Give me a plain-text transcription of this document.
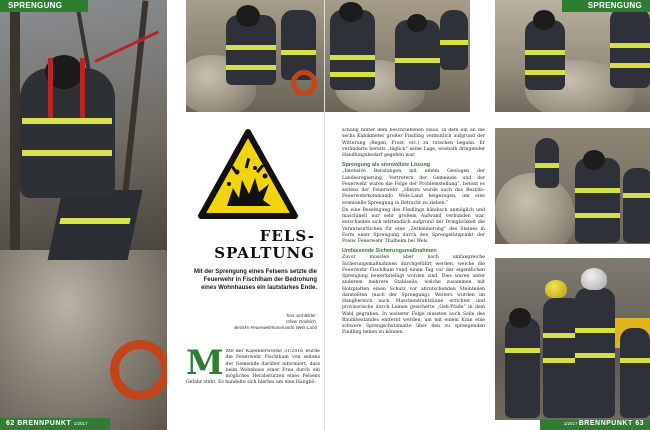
SPRENGUNG
FELS-
SPALTUNG
Mit der Sprengung eines Felsens setzte die Feuerwehr in Fischlham der Bedrohung eines Wohnhauses ein lautstarkes Ende.
Text und Bilder:
Oliver Dorfeich,
Bezirks-Feuerwehrkommando Wels-Land
M itte der Kalenderwoche 31/2016 wurde die Feuerwehr Fischlham von seitens der Gemeinde darüber informiert, dass beim Wohnhaus einer Frau durch ein mögliches Herabstürzen eines Felsens Gefahr steht. Es handelte sich hierbei um eine Hangbö-
62 BRENNPUNKT 1/2017
SPRENGUNG

schung hinter dem beschriebenen Haus, in dem ein an die sechs Kubikmeter großer Findling vermutlich aufgrund der Witterung (Regen, Frost, etc.) zu rutschen begann. Er veränderte bereits „täglich“ seine Lage, weshalb dringender Handlungsbedarf gegeben war.

Sprengung als sinnvollste Lösung

„Intensive Beratungen mit einem Geologen der Landesregierung, Vertretern der Gemeinde und der Feuerwehr waren die Folge der Problemstellung“, betont es seitens der Feuerwehr. „Hierzu wurde auch das Bezirks-Feuerwehrkommando Wels-Land beigezogen, um eine eventuelle Sprengung in Betracht zu ziehen.“

Da eine Beseitigung des Findlings händisch unmöglich und maschinell nur sehr großem Aufwand verbunden war, entschieden sich letztendlich aufgrund der Dringlichkeit die Verantwortlichen für eine „Zerkleinerung“ des Steines in Form einer Sprengung durch den Sprengstützpunkt der Freiw. Feuerwehr Thalheim bei Wels.

Umfassende Sicherungsmaßnahmen

Zuvor mussten aber noch umfangreiche Sicherungsmaßnahmen durchgeführt werden, welche die Feuerwehr Fischlham rund einen Tag vor der eigentlichen Sprengung bewerkstelligt worden sind. Dies waren unter anderem mehrere Stahlseile, welche zusammen mit Holzplatten einen Schutz vor abrutschenden Steinteilen darstellten (nach der Sprengung). Weiters wurden im Hangbereich auch Maschendrahtzäune errichtet und provisorische durch Leinen gesicherte „Geh-Pfade“ in dem Wald gegraben. In weiterer Folge mussten auch Seile des Baumbestandes entfernt werden, um mit einem Kran eine schwere Sprengschutzmatte über den zu sprengenden Findling heben zu können.

1/2017 BRENNPUNKT 63
